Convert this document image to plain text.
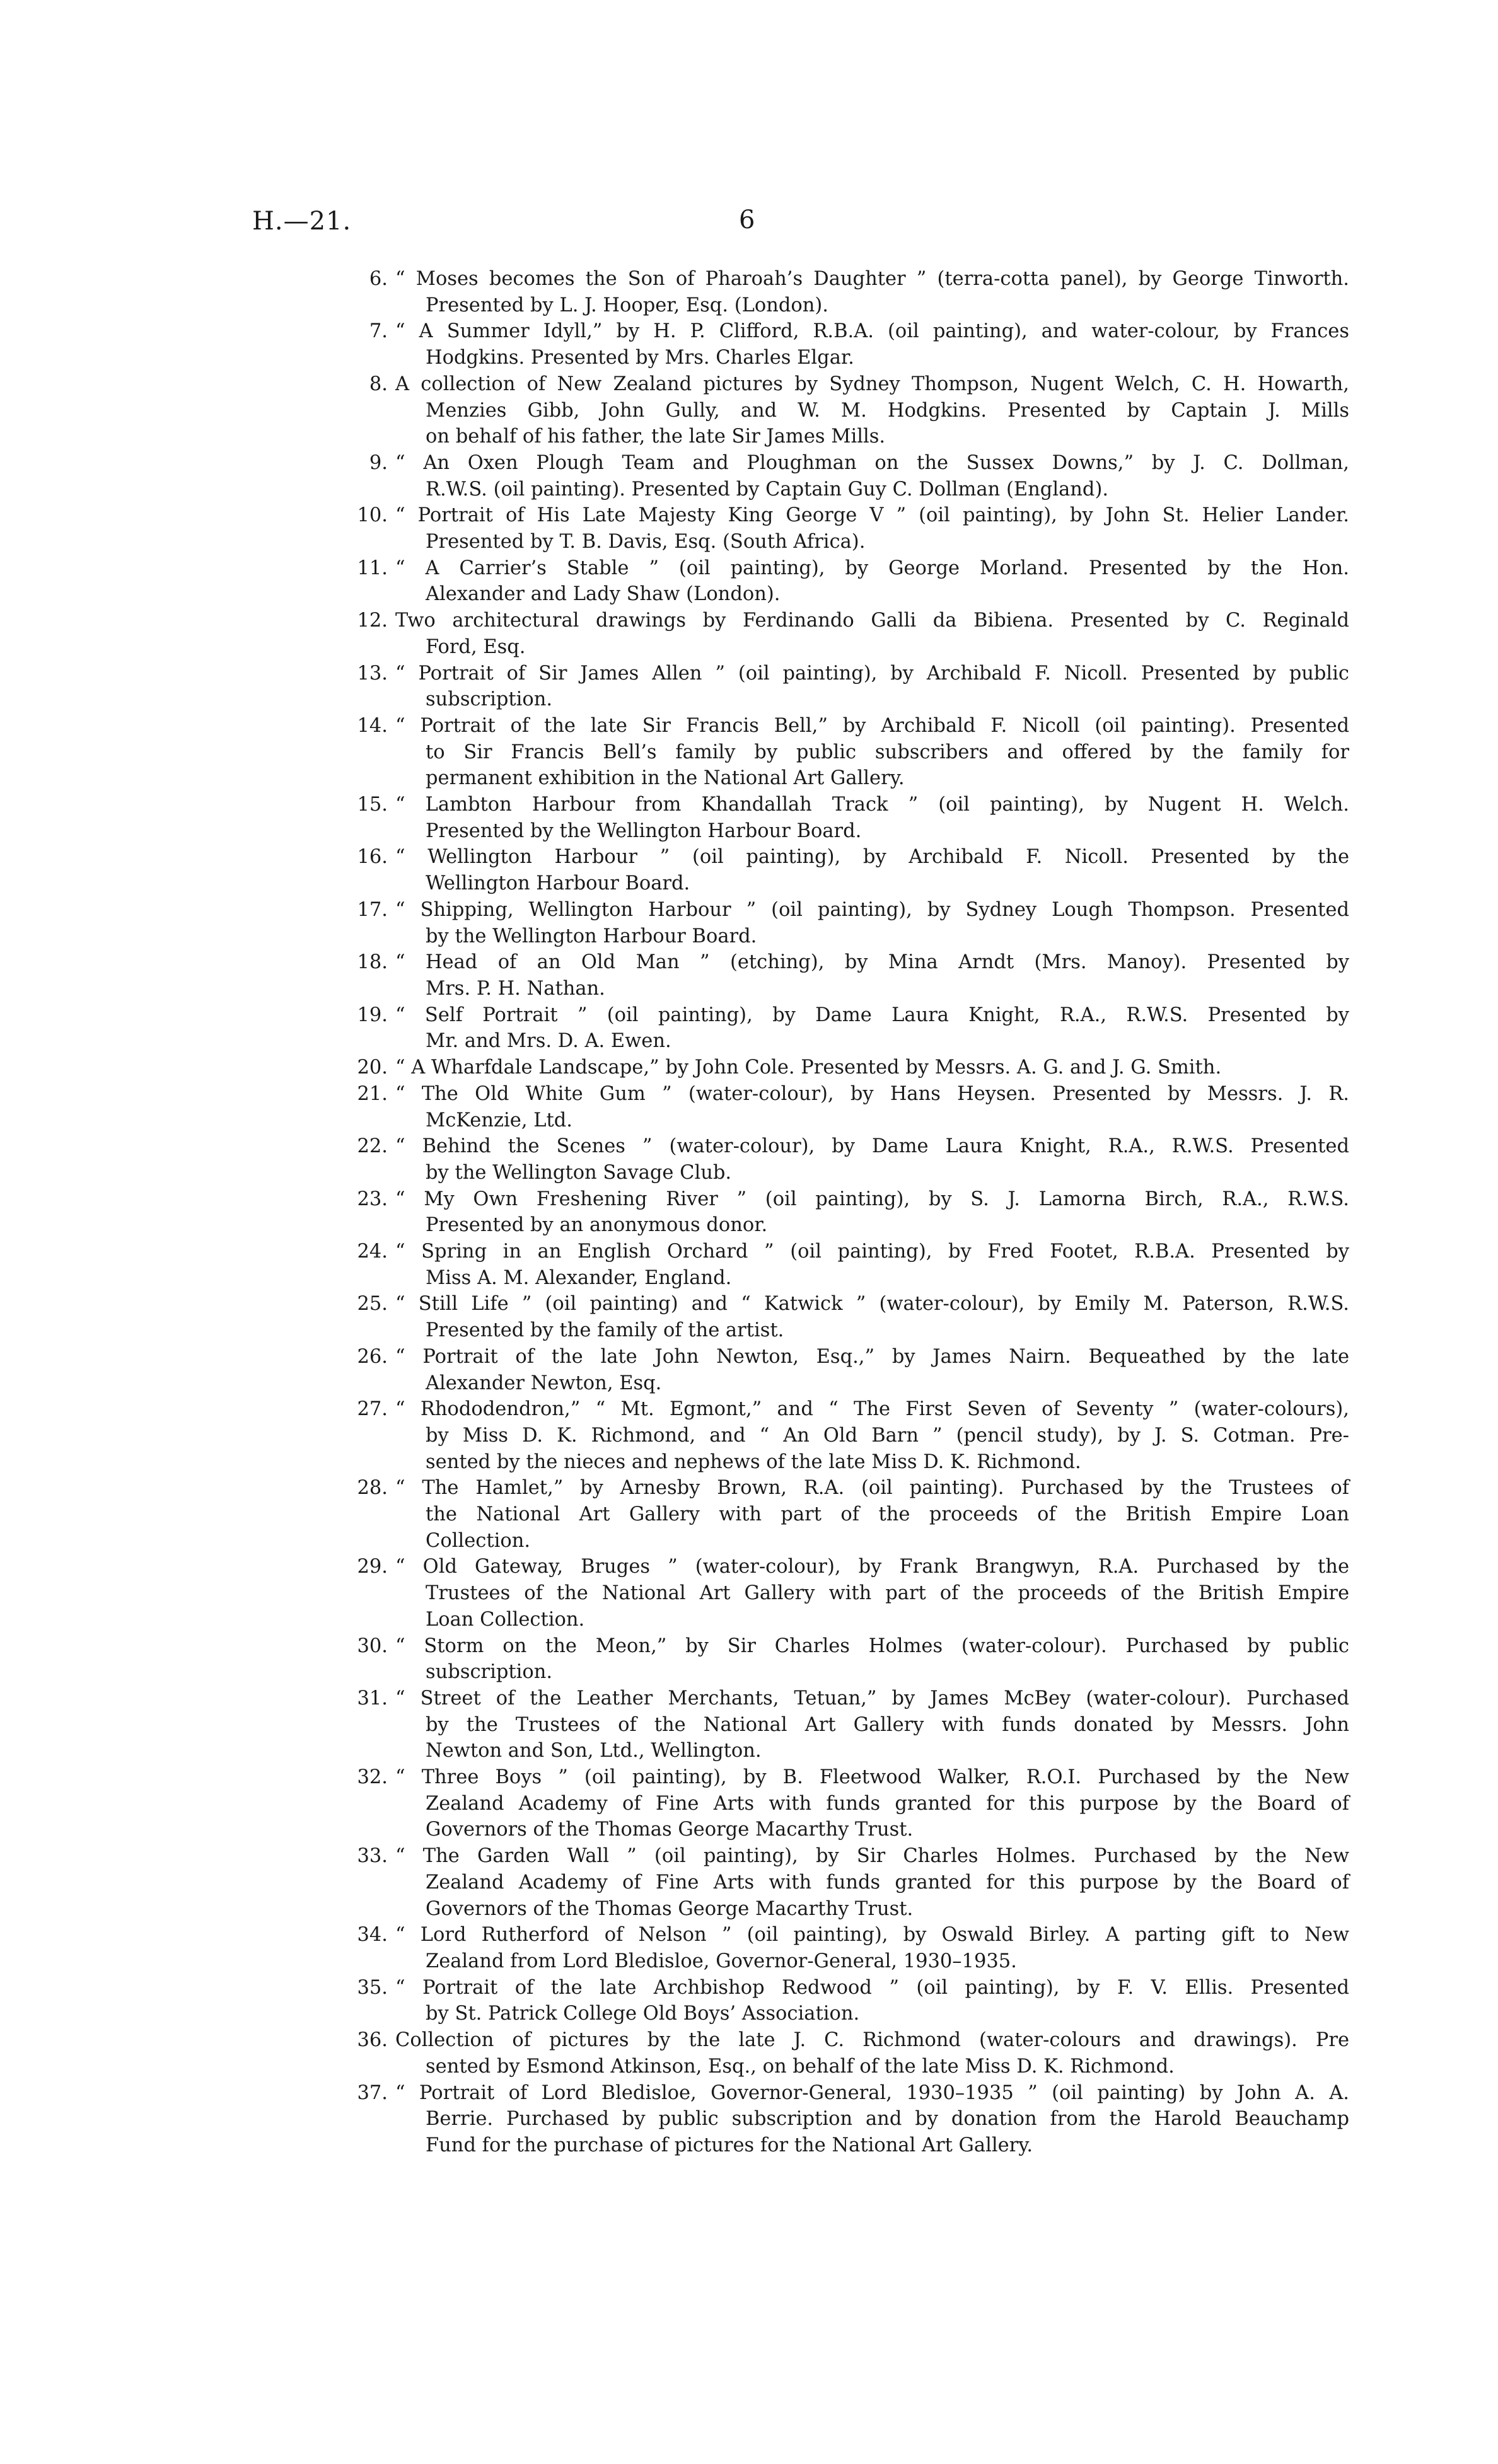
H.—21.	6
6. “ Moses becomes the Son of Pharoah’s Daughter ” (terra-cotta panel), by George Tinworth.
Presented by L. J. Hooper, Esq. (London).
7. “ A Summer Idyll,” by H. P. Clifford, R.B.A. (oil painting), and water-colour, by Frances
Hodgkins. Presented by Mrs. Charles Elgar.
8. A collection of New Zealand pictures by Sydney Thompson, Nugent Welch, C. H. Howarth,
Menzies Gibb, John Gully, and W. M. Hodgkins. Presented by Captain J. Mills
on behalf of his father, the late Sir James Mills.
9. “ An Oxen Plough Team and Ploughman on the Sussex Downs,” by J. C. Dollman,
R.W.S. (oil painting). Presented by Captain Guy C. Dollman (England).
10. “ Portrait of His Late Majesty King George V ” (oil painting), by John St. Helier Lander.
Presented by T. B. Davis, Esq. (South Africa).
11. “ A Carrier’s Stable ” (oil painting), by George Morland. Presented by the Hon.
Alexander and Lady Shaw (London).
12. Two architectural drawings by Ferdinando Galli da Bibiena. Presented by C. Reginald
Ford, Esq.
13. “ Portrait of Sir James Allen ” (oil painting), by Archibald F. Nicoll. Presented by public
subscription.
14. “ Portrait of the late Sir Francis Bell,” by Archibald F. Nicoll (oil painting). Presented
to Sir Francis Bell’s family by public subscribers and offered by the family for
permanent exhibition in the National Art Gallery.
15. “ Lambton Harbour from Khandallah Track ” (oil painting), by Nugent H. Welch.
Presented by the Wellington Harbour Board.
16. “ Wellington Harbour ” (oil painting), by Archibald F. Nicoll. Presented by the
Wellington Harbour Board.
17. “ Shipping, Wellington Harbour ” (oil painting), by Sydney Lough Thompson. Presented
by the Wellington Harbour Board.
18. “ Head of an Old Man ” (etching), by Mina Arndt (Mrs. Manoy). Presented by
Mrs. P. H. Nathan.
19. “ Self Portrait ” (oil painting), by Dame Laura Knight, R.A., R.W.S. Presented by
Mr. and Mrs. D. A. Ewen.
20. “ A Wharfdale Landscape,” by John Cole. Presented by Messrs. A. G. and J. G. Smith.
21. “ The Old White Gum ” (water-colour), by Hans Heysen. Presented by Messrs. J. R.
McKenzie, Ltd.
22. “ Behind the Scenes ” (water-colour), by Dame Laura Knight, R.A., R.W.S. Presented
by the Wellington Savage Club.
23. “ My Own Freshening River ” (oil painting), by S. J. Lamorna Birch, R.A., R.W.S.
Presented by an anonymous donor.
24. “ Spring in an English Orchard ” (oil painting), by Fred Footet, R.B.A. Presented by
Miss A. M. Alexander, England.
25. “ Still Life ” (oil painting) and “ Katwick ” (water-colour), by Emily M. Paterson, R.W.S.
Presented by the family of the artist.
26. “ Portrait of the late John Newton, Esq.,” by James Nairn. Bequeathed by the late
Alexander Newton, Esq.
27. “ Rhododendron,” “ Mt. Egmont,” and “ The First Seven of Seventy ” (water-colours),
by Miss D. K. Richmond, and “ An Old Barn ” (pencil study), by J. S. Cotman. Pre-
sented by the nieces and nephews of the late Miss D. K. Richmond.
28. “ The Hamlet,” by Arnesby Brown, R.A. (oil painting). Purchased by the Trustees of
the National Art Gallery with part of the proceeds of the British Empire Loan
Collection.
29. “ Old Gateway, Bruges ” (water-colour), by Frank Brangwyn, R.A. Purchased by the
Trustees of the National Art Gallery with part of the proceeds of the British Empire
Loan Collection.
30. “ Storm on the Meon,” by Sir Charles Holmes (water-colour). Purchased by public
subscription.
31. “ Street of the Leather Merchants, Tetuan,” by James McBey (water-colour). Purchased
by the Trustees of the National Art Gallery with funds donated by Messrs. John
Newton and Son, Ltd., Wellington.
32. “ Three Boys ” (oil painting), by B. Fleetwood Walker, R.O.I. Purchased by the New
Zealand Academy of Fine Arts with funds granted for this purpose by the Board of
Governors of the Thomas George Macarthy Trust.
33. “ The Garden Wall ” (oil painting), by Sir Charles Holmes. Purchased by the New
Zealand Academy of Fine Arts with funds granted for this purpose by the Board of
Governors of the Thomas George Macarthy Trust.
34. “ Lord Rutherford of Nelson ” (oil painting), by Oswald Birley. A parting gift to New
Zealand from Lord Bledisloe, Governor-General, 1930–1935.
35. “ Portrait of the late Archbishop Redwood ” (oil painting), by F. V. Ellis. Presented
by St. Patrick College Old Boys’ Association.
36. Collection of pictures by the late J. C. Richmond (water-colours and drawings). Pre
sented by Esmond Atkinson, Esq., on behalf of the late Miss D. K. Richmond.
37. “ Portrait of Lord Bledisloe, Governor-General, 1930–1935 ” (oil painting) by John A. A.
Berrie. Purchased by public subscription and by donation from the Harold Beauchamp
Fund for the purchase of pictures for the National Art Gallery.
